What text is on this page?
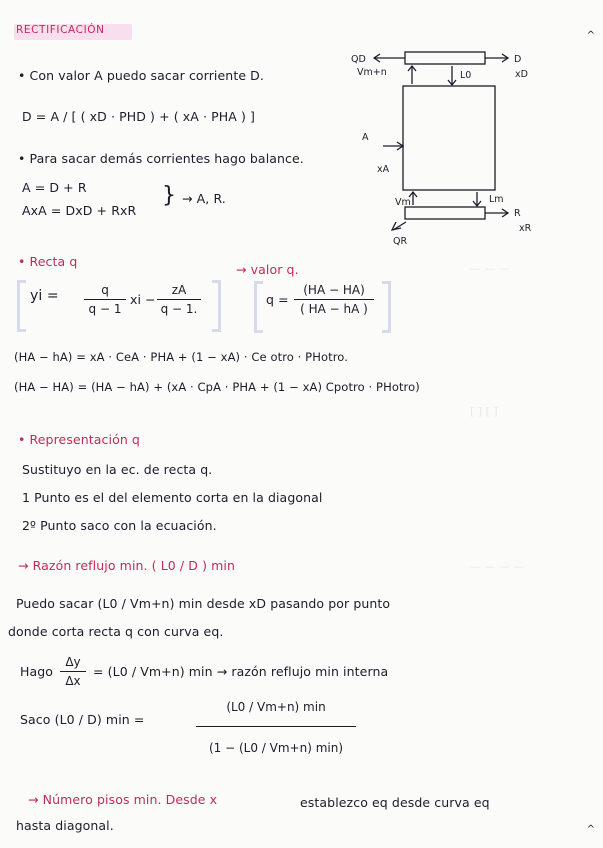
RECTIFICACIÓN	^
— — —
[ ] [ ]
— — — —
QD
Vm+n	L0
D
xD
A
xA
Vm	Lm
R
xR
QR
• Con valor A puedo sacar corriente D.
D = A / [ ( xD · PHD ) + ( xA · PHA ) ]
• Para sacar demás corrientes hago balance.
A = D + R
AxA = DxD + RxR
} → A, R.
• Recta q
→ valor q.
yi =	q
q − 1
xi −
zA
q − 1.
q =
(HA − HA)
( HA − hA )
(HA − hA) = xA · CeA · PHA + (1 − xA) · Ce otro · PHotro.
(HA − HA) = (HA − hA) + (xA · CpA · PHA + (1 − xA) Cpotro · PHotro)
• Representación q
Sustituyo en la ec. de recta q.
1 Punto es el del elemento corta en la diagonal
2º Punto saco con la ecuación.
→ Razón reflujo min. ( L0 / D ) min
Puedo sacar (L0 / Vm+n) min desde xD pasando por punto
donde corta recta q con curva eq.
Hago
Δy
Δx
= (L0 / Vm+n) min → razón reflujo min interna
Saco (L0 / D) min =
(L0 / Vm+n) min
(1 − (L0 / Vm+n) min)
→ Número pisos min. Desde x	establezco eq desde curva eq
hasta diagonal.	^
